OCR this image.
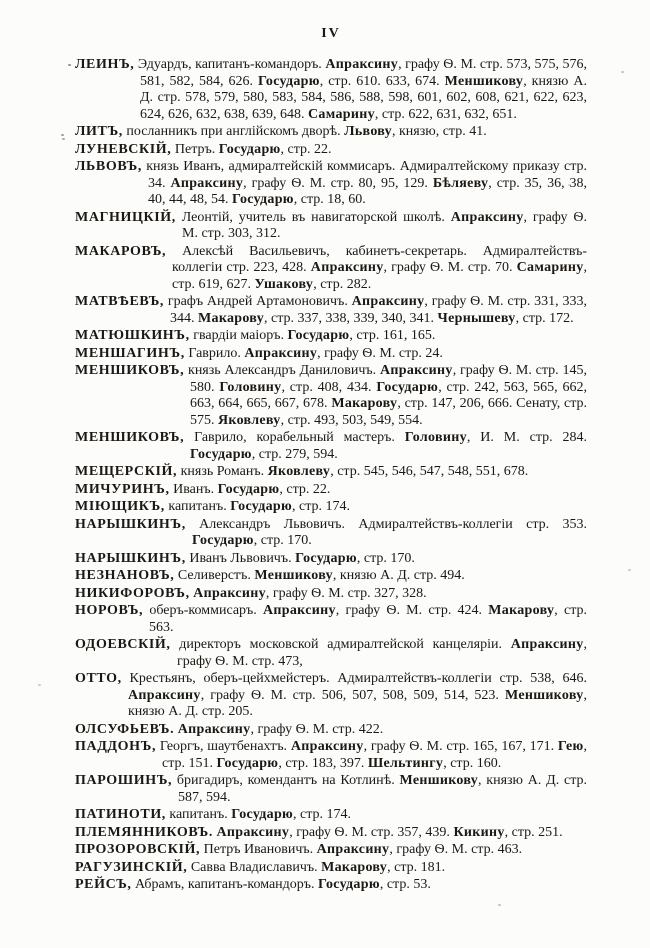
IV
ЛЕИНЪ, Эдуардъ, капитанъ-командоръ. Апраксину, графу Ѳ. М. стр. 573, 575, 576, 581, 582, 584, 626. Государю, стр. 610. 633, 674. Меншикову, князю А. Д. стр. 578, 579, 580, 583, 584, 586, 588, 598, 601, 602, 608, 621, 622, 623, 624, 626, 632, 638, 639, 648. Самарину, стр. 622, 631, 632, 651.
ЛИТЪ, посланникъ при англійскомъ дворѣ. Львову, князю, стр. 41.
ЛУНЕВСКІЙ, Петръ. Государю, стр. 22.
ЛЬВОВЪ, князь Иванъ, адмиралтейскій коммисаръ. Адмиралтейскому приказу стр. 34. Апраксину, графу Ѳ. М. стр. 80, 95, 129. Бѣляеву, стр. 35, 36, 38, 40, 44, 48, 54. Государю, стр. 18, 60.
МАГНИЦКІЙ, Леонтій, учитель въ навигаторской школѣ. Апраксину, графу Ѳ. М. стр. 303, 312.
МАКАРОВЪ, Алексѣй Васильевичъ, кабинетъ-секретарь. Адмиралтействъ-коллегіи стр. 223, 428. Апраксину, графу Ѳ. М. стр. 70. Самарину, стр. 619, 627. Ушакову, стр. 282.
МАТВѢЕВЪ, графъ Андрей Артамоновичъ. Апраксину, графу Ѳ. М. стр. 331, 333, 344. Макарову, стр. 337, 338, 339, 340, 341. Чернышеву, стр. 172.
МАТЮШКИНЪ, гвардіи маіоръ. Государю, стр. 161, 165.
МЕНШАГИНЪ, Гаврило. Апраксину, графу Ѳ. М. стр. 24.
МЕНШИКОВЪ, князь Александръ Даниловичъ. Апраксину, графу Ѳ. М. стр. 145, 580. Головину, стр. 408, 434. Государю, стр. 242, 563, 565, 662, 663, 664, 665, 667, 678. Макарову, стр. 147, 206, 666. Сенату, стр. 575. Яковлеву, стр. 493, 503, 549, 554.
МЕНШИКОВЪ, Гаврило, корабельный мастеръ. Головину, И. М. стр. 284. Государю, стр. 279, 594.
МЕЩЕРСКІЙ, князь Романъ. Яковлеву, стр. 545, 546, 547, 548, 551, 678.
МИЧУРИНЪ, Иванъ. Государю, стр. 22.
МІЮЩИКЪ, капитанъ. Государю, стр. 174.
НАРЫШКИНЪ, Александръ Львовичъ. Адмиралтействъ-коллегіи стр. 353. Государю, стр. 170.
НАРЫШКИНЪ, Иванъ Львовичъ. Государю, стр. 170.
НЕЗНАНОВЪ, Селиверстъ. Меншикову, князю А. Д. стр. 494.
НИКИФОРОВЪ, Апраксину, графу Ѳ. М. стр. 327, 328.
НОРОВЪ, оберъ-коммисаръ. Апраксину, графу Ѳ. М. стр. 424. Макарову, стр. 563.
ОДОЕВСКІЙ, директоръ московской адмиралтейской канцеляріи. Апраксину, графу Ѳ. М. стр. 473,
ОТТО, Крестьянъ, оберъ-цейхмейстеръ. Адмиралтействъ-коллегіи стр. 538, 646. Апраксину, графу Ѳ. М. стр. 506, 507, 508, 509, 514, 523. Меншикову, князю А. Д. стр. 205.
ОЛСУФЬЕВЪ. Апраксину, графу Ѳ. М. стр. 422.
ПАДДОНЪ, Георгъ, шаутбенахтъ. Апраксину, графу Ѳ. М. стр. 165, 167, 171. Гею, стр. 151. Государю, стр. 183, 397. Шельтингу, стр. 160.
ПАРОШИНЪ, бригадиръ, комендантъ на Котлинѣ. Меншикову, князю А. Д. стр. 587, 594.
ПАТИНОТИ, капитанъ. Государю, стр. 174.
ПЛЕМЯННИКОВЪ. Апраксину, графу Ѳ. М. стр. 357, 439. Кикину, стр. 251.
ПРОЗОРОВСКІЙ, Петръ Ивановичъ. Апраксину, графу Ѳ. М. стр. 463.
РАГУЗИНСКІЙ, Савва Владиславичъ. Макарову, стр. 181.
РЕЙСЪ, Абрамъ, капитанъ-командоръ. Государю, стр. 53.
